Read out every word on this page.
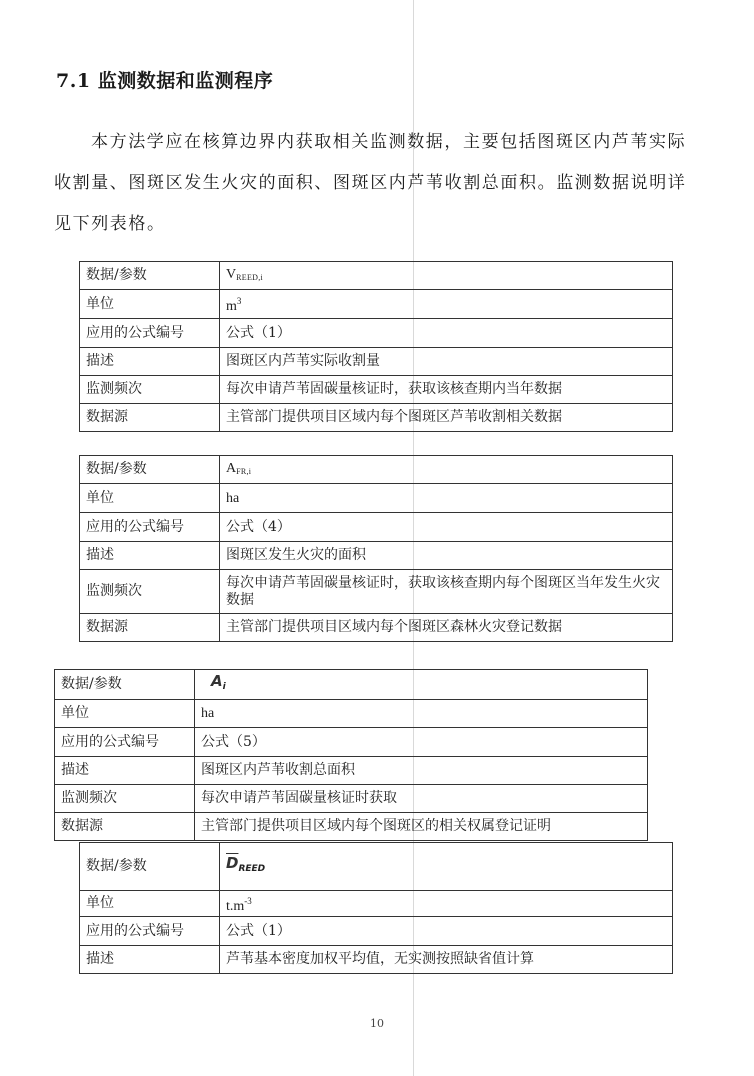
7.1 监测数据和监测程序

本方法学应在核算边界内获取相关监测数据，主要包括图斑区内芦苇实际收割量、图斑区发生火灾的面积、图斑区内芦苇收割总面积。监测数据说明详见下列表格。

数据/参数	$V_{REED,i}$
单位	$m^3$
应用的公式编号	公式（1）
描述	图斑区内芦苇实际收割量
监测频次	每次申请芦苇固碳量核证时，获取该核查期内当年数据
数据源	主管部门提供项目区域内每个图斑区芦苇收割相关数据
数据/参数	$A_{FR,i}$
单位	ha
应用的公式编号	公式（4）
描述	图斑区发生火灾的面积
监测频次	每次申请芦苇固碳量核证时，获取该核查期内每个图斑区当年发生火灾数据
数据源	主管部门提供项目区域内每个图斑区森林火灾登记数据
数据/参数	$A_i$
单位	ha
应用的公式编号	公式（5）
描述	图斑区内芦苇收割总面积
监测频次	每次申请芦苇固碳量核证时获取
数据源	主管部门提供项目区域内每个图斑区的相关权属登记证明
数据/参数	$\overline{D}_{REED}$
单位	$t.m^{-3}$
应用的公式编号	公式（1）
描述	芦苇基本密度加权平均值，无实测按照缺省值计算
10
